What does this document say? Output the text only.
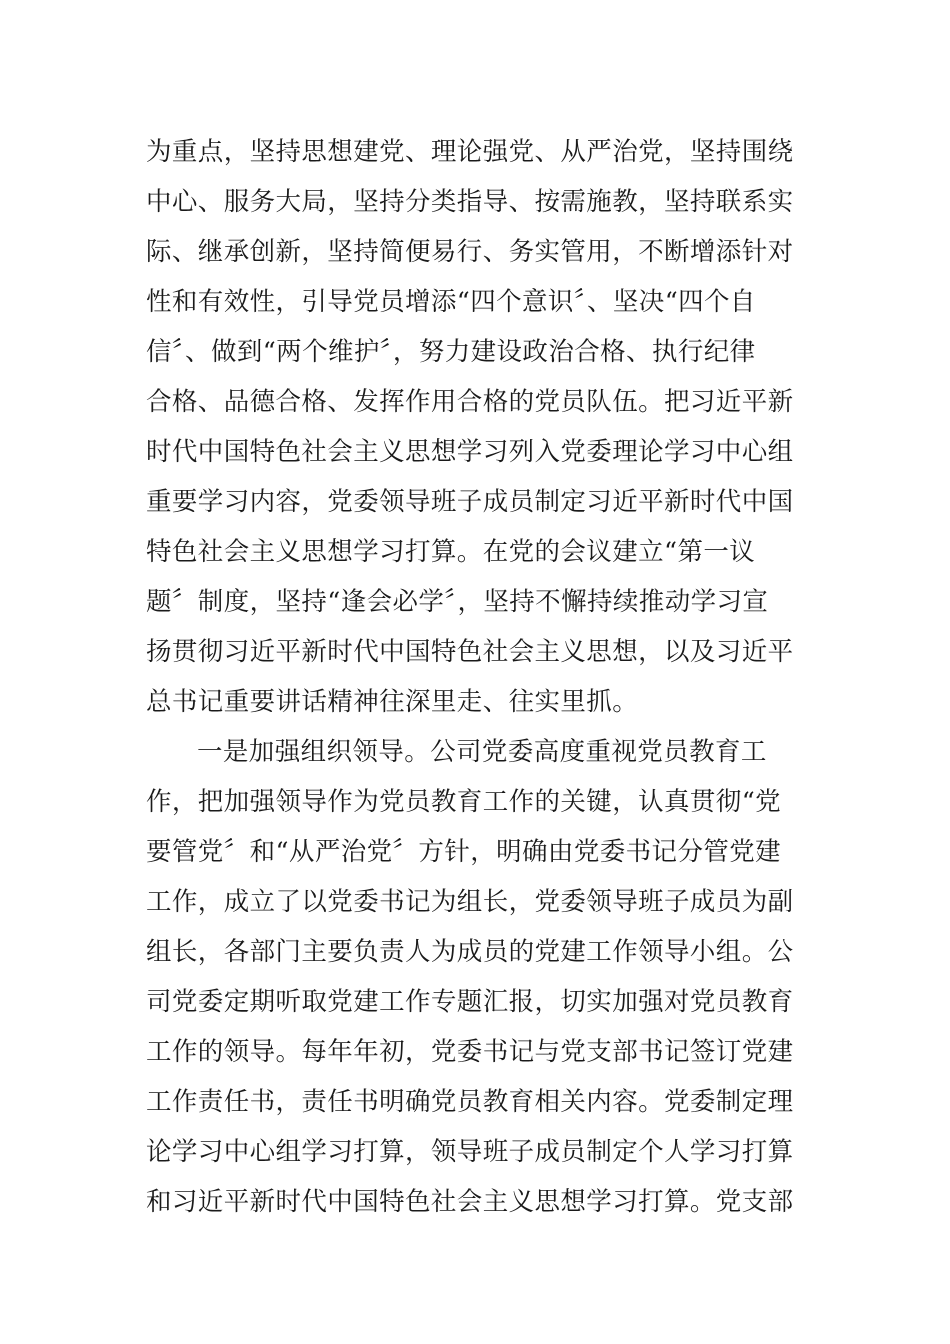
为重点，坚持思想建党、理论强党、从严治党，坚持围绕
中心、服务大局，坚持分类指导、按需施教，坚持联系实
际、继承创新，坚持简便易行、务实管用，不断增添针对
性和有效性，引导党员增添“四个意识〞、坚决“四个自
信〞、做到“两个维护〞，努力建设政治合格、执行纪律
合格、品德合格、发挥作用合格的党员队伍。把习近平新
时代中国特色社会主义思想学习列入党委理论学习中心组
重要学习内容，党委领导班子成员制定习近平新时代中国
特色社会主义思想学习打算。在党的会议建立“第一议
题〞制度，坚持“逢会必学〞，坚持不懈持续推动学习宣
扬贯彻习近平新时代中国特色社会主义思想，以及习近平
总书记重要讲话精神往深里走、往实里抓。
一是加强组织领导。公司党委高度重视党员教育工
作，把加强领导作为党员教育工作的关键，认真贯彻“党
要管党〞和“从严治党〞方针，明确由党委书记分管党建
工作，成立了以党委书记为组长，党委领导班子成员为副
组长，各部门主要负责人为成员的党建工作领导小组。公
司党委定期听取党建工作专题汇报，切实加强对党员教育
工作的领导。每年年初，党委书记与党支部书记签订党建
工作责任书，责任书明确党员教育相关内容。党委制定理
论学习中心组学习打算，领导班子成员制定个人学习打算
和习近平新时代中国特色社会主义思想学习打算。党支部
